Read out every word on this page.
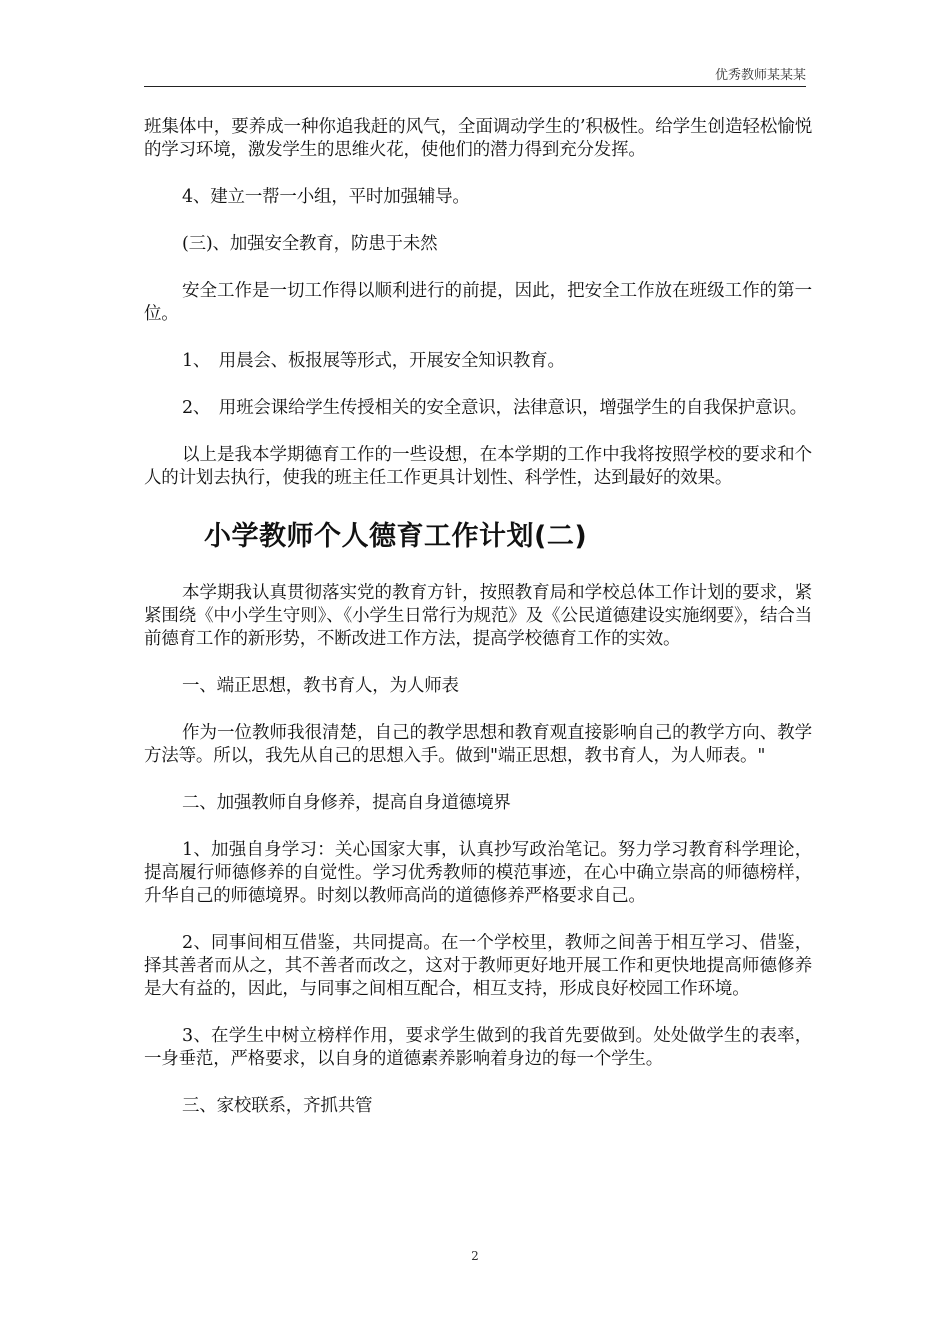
优秀教师某某某

班集体中，要养成一种你追我赶的风气，全面调动学生的’积极性。给学生创造轻松愉悦的学习环境，激发学生的思维火花，使他们的潜力得到充分发挥。

4、建立一帮一小组，平时加强辅导。

(三)、加强安全教育，防患于未然

安全工作是一切工作得以顺利进行的前提，因此，把安全工作放在班级工作的第一位。

1、　用晨会、板报展等形式，开展安全知识教育。

2、　用班会课给学生传授相关的安全意识，法律意识，增强学生的自我保护意识。

以上是我本学期德育工作的一些设想，在本学期的工作中我将按照学校的要求和个人的计划去执行，使我的班主任工作更具计划性、科学性，达到最好的效果。

小学教师个人德育工作计划(二)

本学期我认真贯彻落实党的教育方针，按照教育局和学校总体工作计划的要求，紧紧围绕《中小学生守则》、《小学生日常行为规范》及《公民道德建设实施纲要》，结合当前德育工作的新形势，不断改进工作方法，提高学校德育工作的实效。

一、端正思想，教书育人，为人师表

作为一位教师我很清楚，自己的教学思想和教育观直接影响自己的教学方向、教学方法等。所以，我先从自己的思想入手。做到"端正思想，教书育人，为人师表。"

二、加强教师自身修养，提高自身道德境界

1、加强自身学习：关心国家大事，认真抄写政治笔记。努力学习教育科学理论，提高履行师德修养的自觉性。学习优秀教师的模范事迹，在心中确立崇高的师德榜样，升华自己的师德境界。时刻以教师高尚的道德修养严格要求自己。

2、同事间相互借鉴，共同提高。在一个学校里，教师之间善于相互学习、借鉴，择其善者而从之，其不善者而改之，这对于教师更好地开展工作和更快地提高师德修养是大有益的，因此，与同事之间相互配合，相互支持，形成良好校园工作环境。

3、在学生中树立榜样作用，要求学生做到的我首先要做到。处处做学生的表率，一身垂范，严格要求，以自身的道德素养影响着身边的每一个学生。

三、家校联系，齐抓共管

2
